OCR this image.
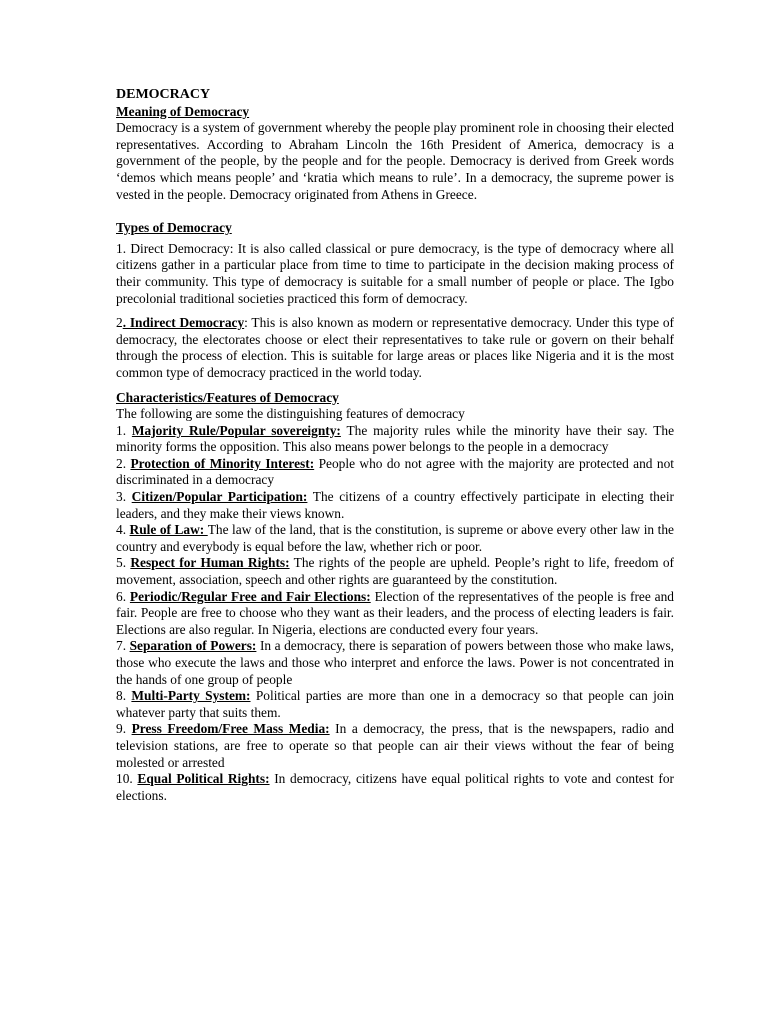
DEMOCRACY

Meaning of Democracy

Democracy is a system of government whereby the people play prominent role in choosing their elected representatives. According to Abraham Lincoln the 16th President of America, democracy is a government of the people, by the people and for the people. Democracy is derived from Greek words ‘demos which means people’ and ‘kratia which means to rule’. In a democracy, the supreme power is vested in the people. Democracy originated from Athens in Greece.

Types of Democracy

1. Direct Democracy: It is also called classical or pure democracy, is the type of democracy where all citizens gather in a particular place from time to time to participate in the decision making process of their community. This type of democracy is suitable for a small number of people or place. The Igbo precolonial traditional societies practiced this form of democracy.

2. Indirect Democracy: This is also known as modern or representative democracy. Under this type of democracy, the electorates choose or elect their representatives to take rule or govern on their behalf through the process of election. This is suitable for large areas or places like Nigeria and it is the most common type of democracy practiced in the world today.

Characteristics/Features of Democracy

The following are some the distinguishing features of democracy

1. Majority Rule/Popular sovereignty: The majority rules while the minority have their say. The minority forms the opposition. This also means power belongs to the people in a democracy

2. Protection of Minority Interest: People who do not agree with the majority are protected and not discriminated in a democracy

3. Citizen/Popular Participation: The citizens of a country effectively participate in electing their leaders, and they make their views known.

4. Rule of Law: The law of the land, that is the constitution, is supreme or above every other law in the country and everybody is equal before the law, whether rich or poor.

5. Respect for Human Rights: The rights of the people are upheld. People’s right to life, freedom of movement, association, speech and other rights are guaranteed by the constitution.

6. Periodic/Regular Free and Fair Elections: Election of the representatives of the people is free and fair. People are free to choose who they want as their leaders, and the process of electing leaders is fair. Elections are also regular. In Nigeria, elections are conducted every four years.

7. Separation of Powers: In a democracy, there is separation of powers between those who make laws, those who execute the laws and those who interpret and enforce the laws. Power is not concentrated in the hands of one group of people

8. Multi-Party System: Political parties are more than one in a democracy so that people can join whatever party that suits them.

9. Press Freedom/Free Mass Media: In a democracy, the press, that is the newspapers, radio and television stations, are free to operate so that people can air their views without the fear of being molested or arrested

10. Equal Political Rights: In democracy, citizens have equal political rights to vote and contest for elections.
